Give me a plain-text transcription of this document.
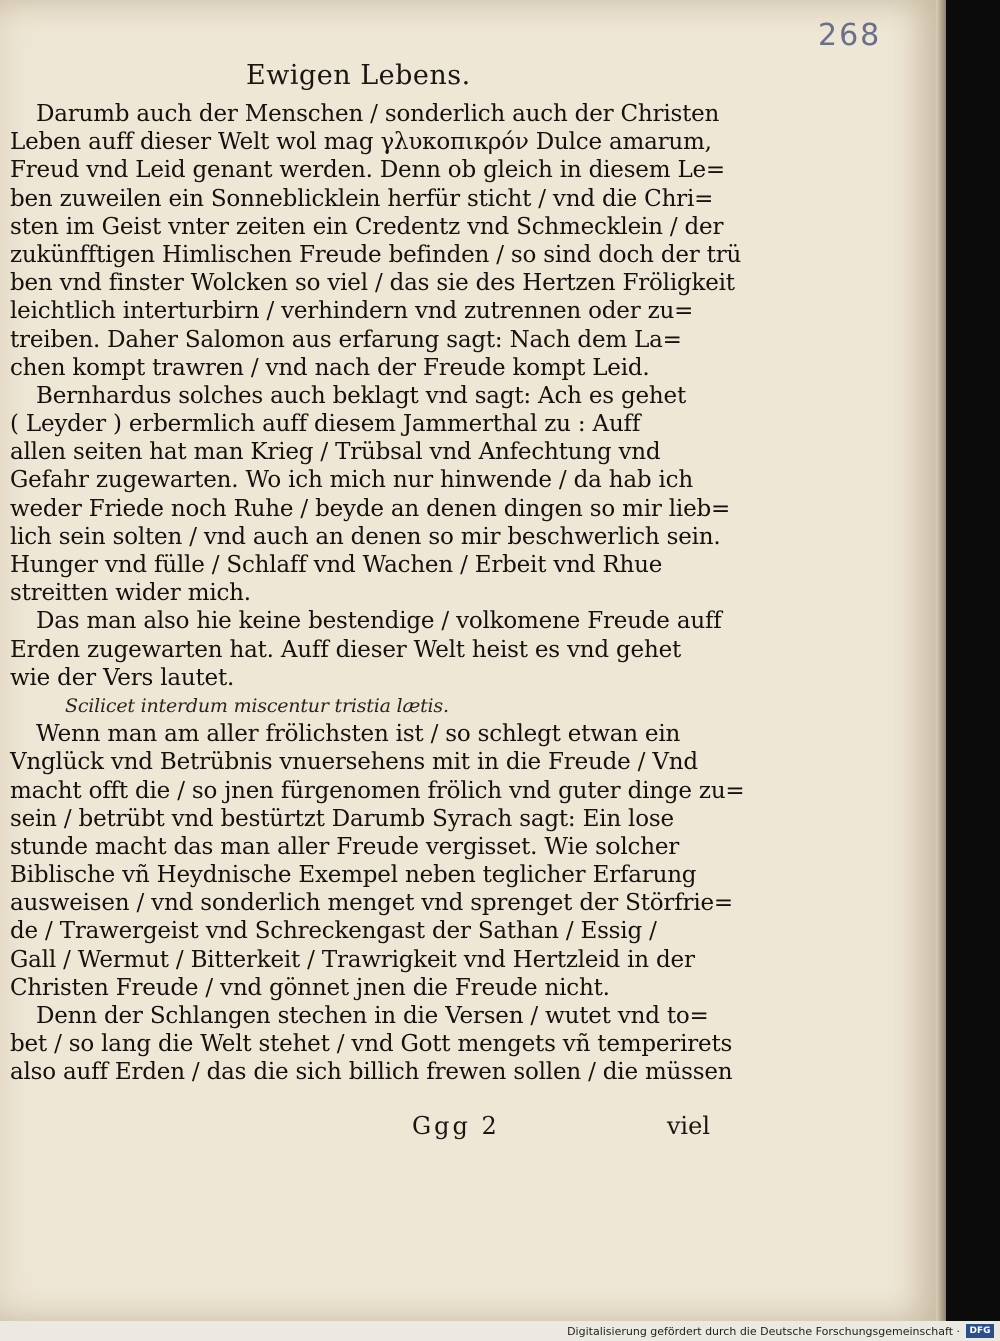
268
Ewigen Lebens.
Darumb auch der Menschen / sonderlich auch der Christen
Leben auff dieser Welt wol mag γλυκοπικρόν Dulce amarum,
Freud vnd Leid genant werden. Denn ob gleich in diesem Le=
ben zuweilen ein Sonneblicklein herfür sticht / vnd die Chri=
sten im Geist vnter zeiten ein Credentz vnd Schmecklein / der
zukünfftigen Himlischen Freude befinden / so sind doch der trü
ben vnd finster Wolcken so viel / das sie des Hertzen Frӧligkeit
leichtlich interturbirn / verhindern vnd zutrennen oder zu=
treiben. Daher Salomon aus erfarung sagt: Nach dem La=
chen kompt trawren / vnd nach der Freude kompt Leid.
Bernhardus solches auch beklagt vnd sagt: Ach es gehet
( Leyder ) erbermlich auff diesem Jammerthal zu : Auff
allen seiten hat man Krieg / Trübsal vnd Anfechtung vnd
Gefahr zugewarten. Wo ich mich nur hinwende / da hab ich
weder Friede noch Ruhe / beyde an denen dingen so mir lieb=
lich sein solten / vnd auch an denen so mir beschwerlich sein.
Hunger vnd fülle / Schlaff vnd Wachen / Erbeit vnd Rhue
streitten wider mich.
Das man also hie keine bestendige / volkomene Freude auff
Erden zugewarten hat. Auff dieser Welt heist es vnd gehet
wie der Vers lautet.
Scilicet interdum miscentur tristia lætis.
Wenn man am aller frӧlichsten ist / so schlegt etwan ein
Vnglück vnd Betrübnis vnuersehens mit in die Freude / Vnd
macht offt die / so jnen fürgenomen frӧlich vnd guter dinge zu=
sein / betrübt vnd bestürtzt Darumb Syrach sagt: Ein lose
stunde macht das man aller Freude vergisset. Wie solcher
Biblische vñ Heydnische Exempel neben teglicher Erfarung
ausweisen / vnd sonderlich menget vnd sprenget der Stӧrfrie=
de / Trawergeist vnd Schreckengast der Sathan / Essig /
Gall / Wermut / Bitterkeit / Trawrigkeit vnd Hertzleid in der
Christen Freude / vnd gӧnnet jnen die Freude nicht.
Denn der Schlangen stechen in die Versen / wutet vnd to=
bet / so lang die Welt stehet / vnd Gott mengets vñ temperirets
also auff Erden / das die sich billich frewen sollen / die müssen
Ggg 2	viel
Digitalisierung gefördert durch die Deutsche Forschungsgemeinschaft ·	DFG
